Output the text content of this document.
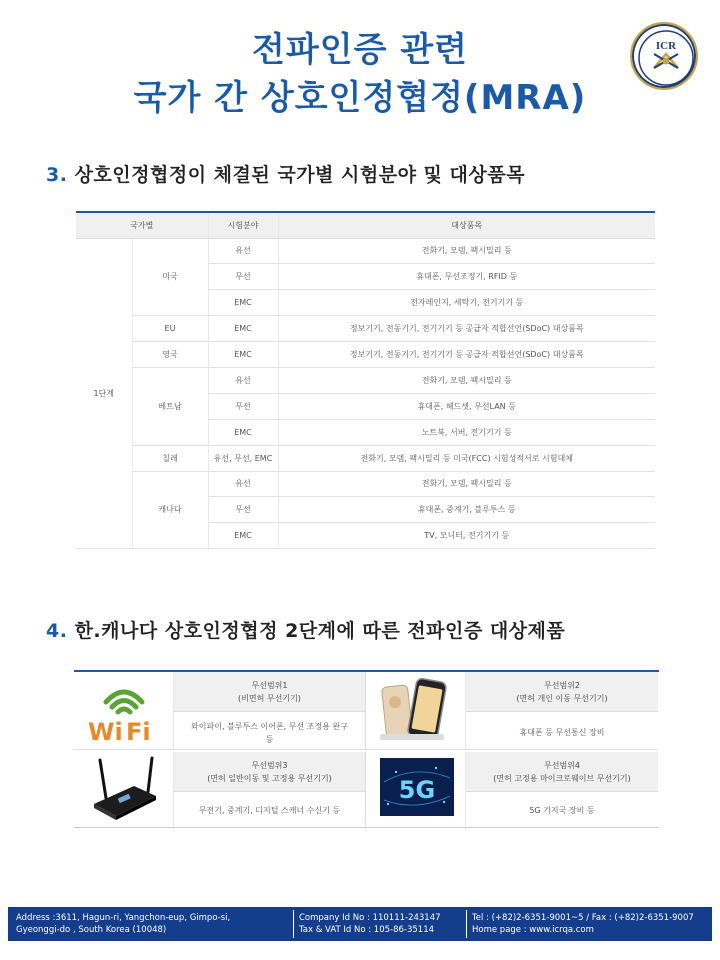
전파인증 관련
국가 간 상호인정협정(MRA)
ICR
3. 상호인정협정이 체결된 국가별 시험분야 및 대상품목
국가별		시험분야	대상품목
1단계	미국	유선	전화기, 모뎀, 팩시밀리 등
		무선	휴대폰, 무선조정기, RFID 등
		EMC	전자레인지, 세탁기, 전기기기 등
	EU	EMC	정보기기, 전동기기, 전기기기 등 공급자 적합선언(SDoC) 대상품목
	영국	EMC	정보기기, 전동기기, 전기기기 등 공급자 적합선언(SDoC) 대상품목
	베트남	유선	전화기, 모뎀, 팩시밀리 등
		무선	휴대폰, 헤드셋, 무선LAN 등
		EMC	노트북, 서버, 전기기기 등
	칠레	유선, 무선, EMC	전화기, 모뎀, 팩시밀리 등 미국(FCC) 시험성적서로 시험대체
	캐나다	유선	전화기, 모뎀, 팩시밀리 등
		무선	휴대폰, 중계기, 블루투스 등
		EMC	TV, 모니터, 전기기기 등
4. 한.캐나다 상호인정협정 2단계에 따른 전파인증 대상제품
Wi Fi
무선범위1
(비면허 무선기기)
와이파이, 블루투스 이어폰, 무선 조정용 완구
등
무선범위2
(면허 개인 이동 무선기기)
휴대폰 등 무선통신 장비
무선범위3
(면허 일반이동 및 고정용 무선기기)
무전기, 중계기, 디지털 스캐너 수신기 등
5G
무선범위4
(면허 고정용 마이크로웨이브 무선기기)
5G 기지국 장비 등
Address :3611, Hagun-ri, Yangchon-eup, Gimpo-si,
Gyeonggi-do , South Korea (10048)
Company Id No : 110111-243147
Tax & VAT Id No : 105-86-35114
Tel : (+82)2-6351-9001~5 / Fax : (+82)2-6351-9007
Home page : www.icrqa.com
